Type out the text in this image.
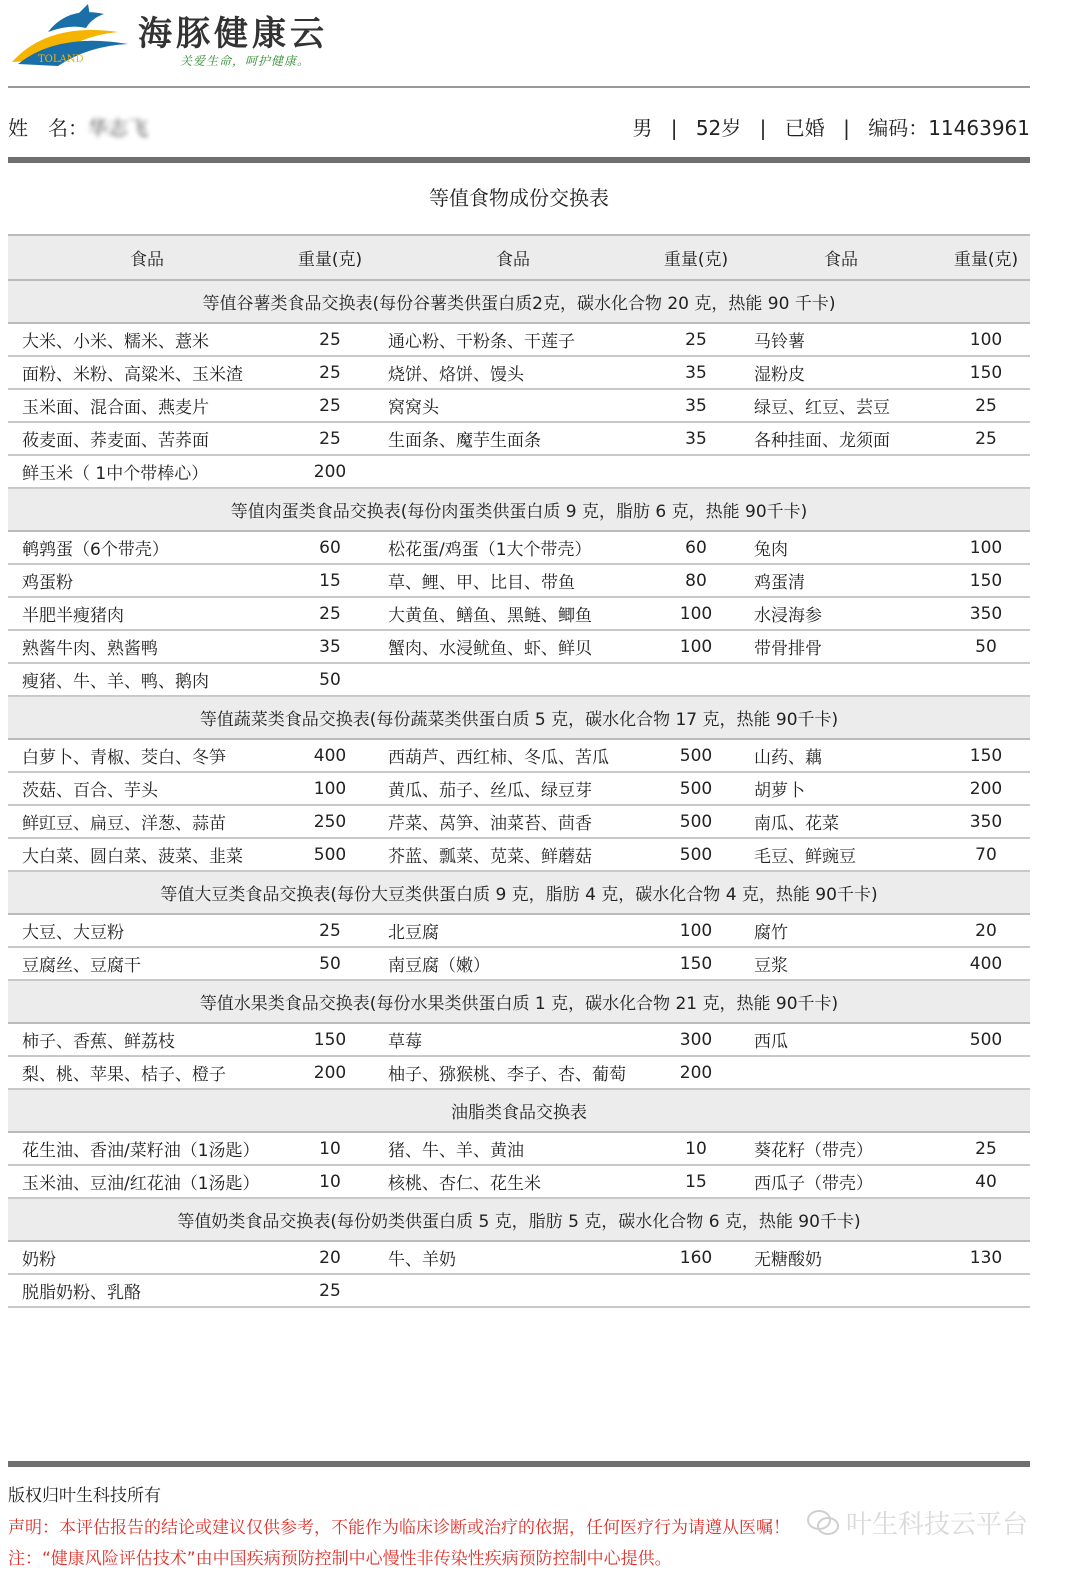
TOLAND
海豚健康云
关爱生命，呵护健康。
姓　名：华志飞	男 | 52岁 | 已婚 | 编码：11463961
等值食物成份交换表
食品	重量(克)	食品	重量(克)	食品	重量(克)
等值谷薯类食品交换表(每份谷薯类供蛋白质2克，碳水化合物 20 克，热能 90 千卡)					
大米、小米、糯米、薏米	25	通心粉、干粉条、干莲子	25	马铃薯	100
面粉、米粉、高粱米、玉米渣	25	烧饼、烙饼、馒头	35	湿粉皮	150
玉米面、混合面、燕麦片	25	窝窝头	35	绿豆、红豆、芸豆	25
莜麦面、荞麦面、苦荞面	25	生面条、魔芋生面条	35	各种挂面、龙须面	25
鲜玉米（ 1中个带棒心）	200				
等值肉蛋类食品交换表(每份肉蛋类供蛋白质 9 克，脂肪 6 克，热能 90千卡)					
鹌鹑蛋（6个带壳）	60	松花蛋/鸡蛋（1大个带壳）	60	兔肉	100
鸡蛋粉	15	草、鲤、甲、比目、带鱼	80	鸡蛋清	150
半肥半瘦猪肉	25	大黄鱼、鳝鱼、黑鲢、鲫鱼	100	水浸海参	350
熟酱牛肉、熟酱鸭	35	蟹肉、水浸鱿鱼、虾、鲜贝	100	带骨排骨	50
瘦猪、牛、羊、鸭、鹅肉	50				
等值蔬菜类食品交换表(每份蔬菜类供蛋白质 5 克，碳水化合物 17 克，热能 90千卡)					
白萝卜、青椒、茭白、冬笋	400	西葫芦、西红柿、冬瓜、苦瓜	500	山药、藕	150
茨菇、百合、芋头	100	黄瓜、茄子、丝瓜、绿豆芽	500	胡萝卜	200
鲜豇豆、扁豆、洋葱、蒜苗	250	芹菜、莴笋、油菜苔、茴香	500	南瓜、花菜	350
大白菜、圆白菜、菠菜、韭菜	500	芥蓝、瓢菜、苋菜、鲜蘑菇	500	毛豆、鲜豌豆	70
等值大豆类食品交换表(每份大豆类供蛋白质 9 克，脂肪 4 克，碳水化合物 4 克，热能 90千卡)					
大豆、大豆粉	25	北豆腐	100	腐竹	20
豆腐丝、豆腐干	50	南豆腐（嫩）	150	豆浆	400
等值水果类食品交换表(每份水果类供蛋白质 1 克，碳水化合物 21 克，热能 90千卡)					
柿子、香蕉、鲜荔枝	150	草莓	300	西瓜	500
梨、桃、苹果、桔子、橙子	200	柚子、猕猴桃、李子、杏、葡萄	200		
油脂类食品交换表					
花生油、香油/菜籽油（1汤匙）	10	猪、牛、羊、黄油	10	葵花籽（带壳）	25
玉米油、豆油/红花油（1汤匙）	10	核桃、杏仁、花生米	15	西瓜子（带壳）	40
等值奶类食品交换表(每份奶类供蛋白质 5 克，脂肪 5 克，碳水化合物 6 克，热能 90千卡)					
奶粉	20	牛、羊奶	160	无糖酸奶	130
脱脂奶粉、乳酪	25				
版权归叶生科技所有
声明：本评估报告的结论或建议仅供参考，不能作为临床诊断或治疗的依据，任何医疗行为请遵从医嘱！
注：“健康风险评估技术”由中国疾病预防控制中心慢性非传染性疾病预防控制中心提供。
叶生科技云平台
